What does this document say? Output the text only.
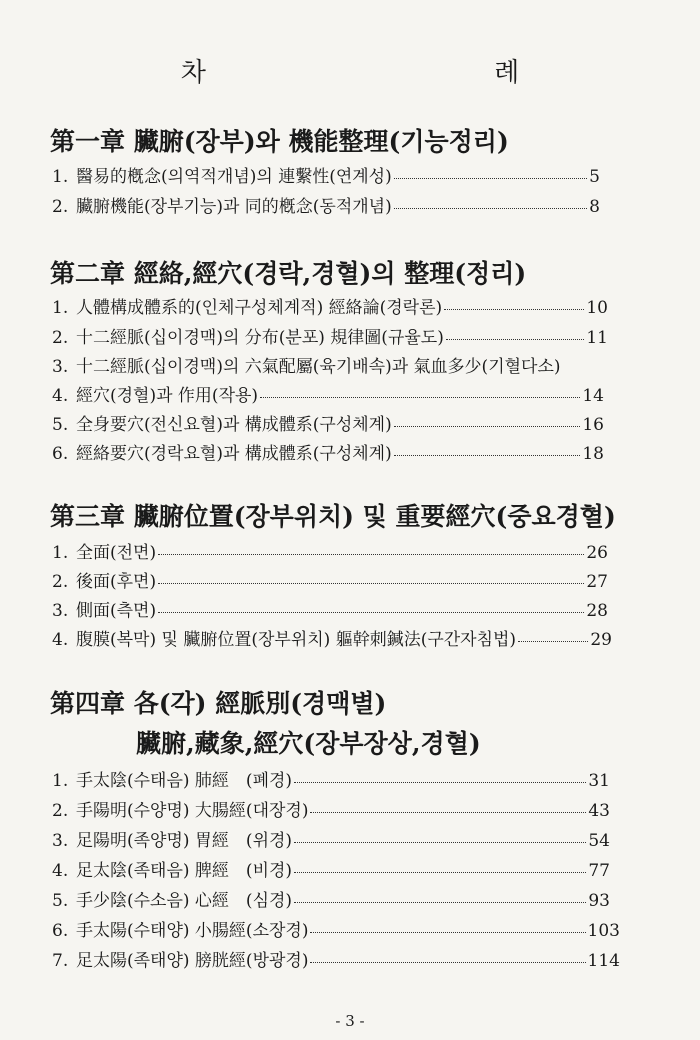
차 례
第一章 臟腑(장부)와 機能整理(기능정리)
1. 醫易的槪念(의역적개념)의 連繫性(연계성)	5
2. 臟腑機能(장부기능)과 同的槪念(동적개념)	8
第二章 經絡,經穴(경락,경혈)의 整理(정리)
1. 人體構成體系的(인체구성체계적) 經絡論(경락론)	10
2. 十二經脈(십이경맥)의 分布(분포) 規律圖(규율도)	11
3. 十二經脈(십이경맥)의 六氣配屬(육기배속)과 氣血多少(기혈다소)
4. 經穴(경혈)과 作用(작용)	14
5. 全身要穴(전신요혈)과 構成體系(구성체계)	16
6. 經絡要穴(경락요혈)과 構成體系(구성체계)	18
第三章 臟腑位置(장부위치) 및 重要經穴(중요경혈)
1. 全面(전면)	26
2. 後面(후면)	27
3. 側面(측면)	28
4. 腹膜(복막) 및 臟腑位置(장부위치) 軀幹刺鍼法(구간자침법)	29
第四章 各(각) 經脈別(경맥별)
臟腑,藏象,經穴(장부장상,경혈)
1. 手太陰(수태음) 肺經　(폐경)	31
2. 手陽明(수양명) 大腸經(대장경)	43
3. 足陽明(족양명) 胃經　(위경)	54
4. 足太陰(족태음) 脾經　(비경)	77
5. 手少陰(수소음) 心經　(심경)	93
6. 手太陽(수태양) 小腸經(소장경)	103
7. 足太陽(족태양) 膀胱經(방광경)	114
- 3 -
